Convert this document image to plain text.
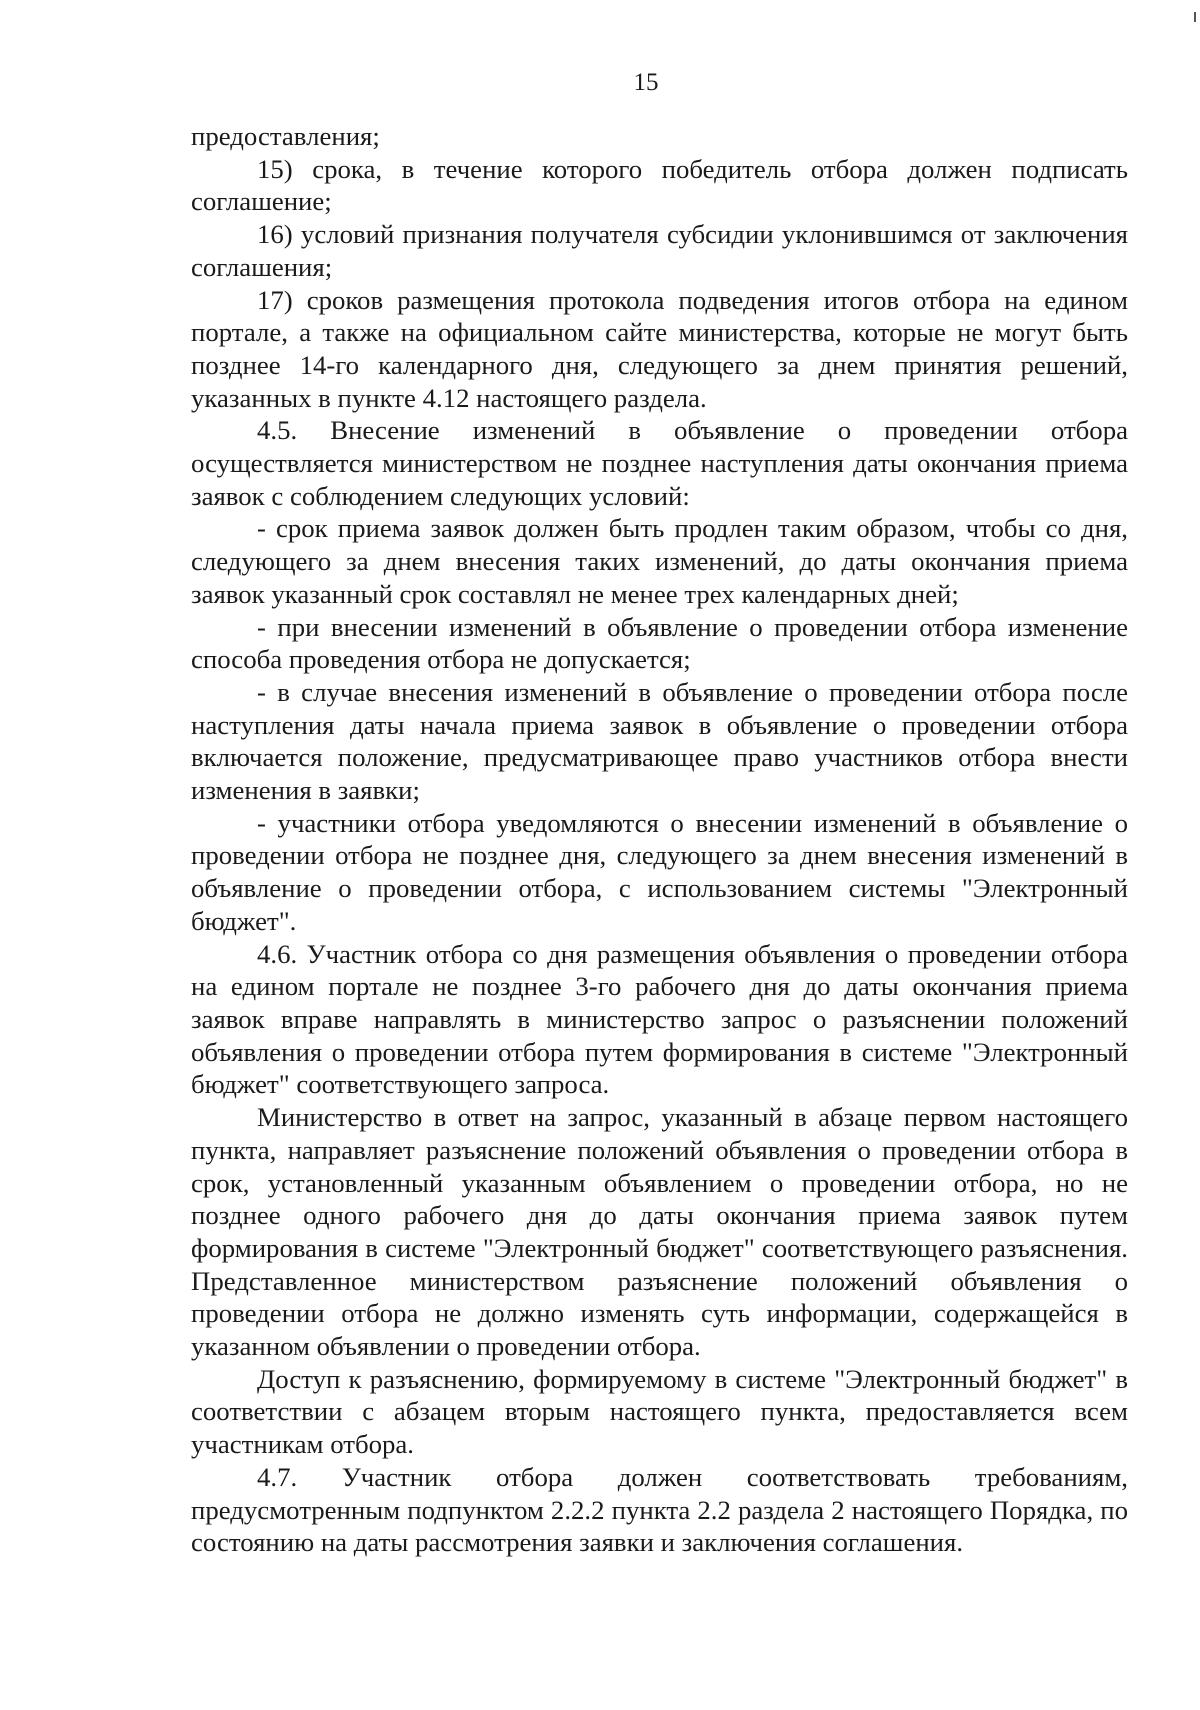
15

предоставления;

15) срока, в течение которого победитель отбора должен подписать соглашение;

16) условий признания получателя субсидии уклонившимся от заключения соглашения;

17) сроков размещения протокола подведения итогов отбора на едином портале, а также на официальном сайте министерства, которые не могут быть позднее 14-го календарного дня, следующего за днем принятия решений, указанных в пункте 4.12 настоящего раздела.

4.5. Внесение изменений в объявление о проведении отбора осуществляется министерством не позднее наступления даты окончания приема заявок с соблюдением следующих условий:

- срок приема заявок должен быть продлен таким образом, чтобы со дня, следующего за днем внесения таких изменений, до даты окончания приема заявок указанный срок составлял не менее трех календарных дней;

- при внесении изменений в объявление о проведении отбора изменение способа проведения отбора не допускается;

- в случае внесения изменений в объявление о проведении отбора после наступления даты начала приема заявок в объявление о проведении отбора включается положение, предусматривающее право участников отбора внести изменения в заявки;

- участники отбора уведомляются о внесении изменений в объявление о проведении отбора не позднее дня, следующего за днем внесения изменений в объявление о проведении отбора, с использованием системы "Электронный бюджет".

4.6. Участник отбора со дня размещения объявления о проведении отбора на едином портале не позднее 3-го рабочего дня до даты окончания приема заявок вправе направлять в министерство запрос о разъяснении положений объявления о проведении отбора путем формирования в системе "Электронный бюджет" соответствующего запроса.

Министерство в ответ на запрос, указанный в абзаце первом настоящего пункта, направляет разъяснение положений объявления о проведении отбора в срок, установленный указанным объявлением о проведении отбора, но не позднее одного рабочего дня до даты окончания приема заявок путем формирования в системе "Электронный бюджет" соответствующего разъяснения. Представленное министерством разъяснение положений объявления о проведении отбора не должно изменять суть информации, содержащейся в указанном объявлении о проведении отбора.

Доступ к разъяснению, формируемому в системе "Электронный бюджет" в соответствии с абзацем вторым настоящего пункта, предоставляется всем участникам отбора.

4.7. Участник отбора должен соответствовать требованиям, предусмотренным подпунктом 2.2.2 пункта 2.2 раздела 2 настоящего Порядка, по состоянию на даты рассмотрения заявки и заключения соглашения.
